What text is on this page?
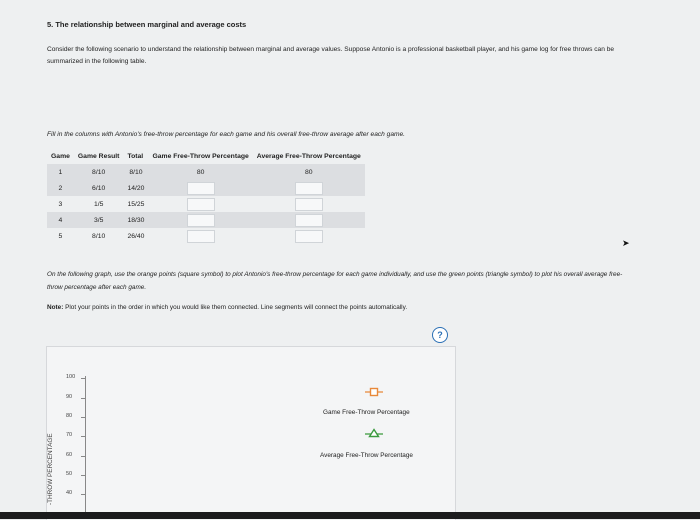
5. The relationship between marginal and average costs
Consider the following scenario to understand the relationship between marginal and average values. Suppose Antonio is a professional basketball player, and his game log for free throws can be summarized in the following table.
Fill in the columns with Antonio's free-throw percentage for each game and his overall free-throw average after each game.
Game	Game Result	Total	Game Free-Throw Percentage	Average Free-Throw Percentage
1	8/10	8/10	80	80
2	6/10	14/20		
3	1/5	15/25		
4	3/5	18/30		
5	8/10	26/40		
➤
On the following graph, use the orange points (square symbol) to plot Antonio's free-throw percentage for each game individually, and use the green points (triangle symbol) to plot his overall average free-throw percentage after each game.
Note: Plot your points in the order in which you would like them connected. Line segments will connect the points automatically.
?
100
90
80
70
60
50
40
-THROW PERCENTAGE
Game Free-Throw Percentage
Average Free-Throw Percentage
